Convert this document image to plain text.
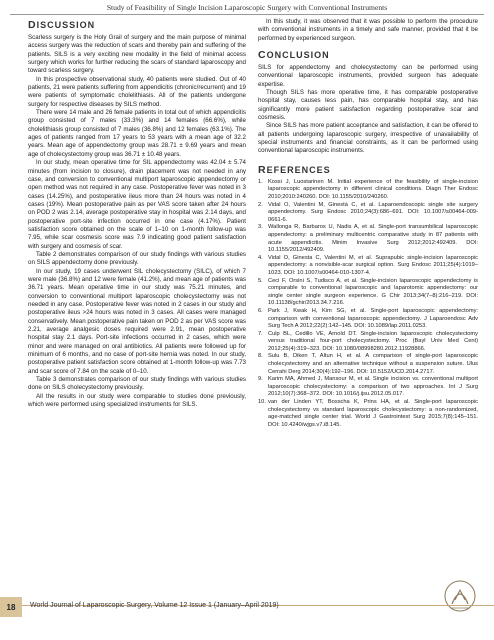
Study of Feasibility of Single Incision Laparoscopic Surgery with Conventional Instruments
DISCUSSION

Scarless surgery is the Holy Grail of surgery and the main purpose of minimal access surgery was the reduction of scars and thereby pain and suffering of the patients. SILS is a very exciting new modality in the field of minimal access surgery which works for further reducing the scars of standard laparoscopy and toward scarless surgery.

In this prospective observational study, 40 patients were studied. Out of 40 patients, 21 were patients suffering from appendicitis (chronic/recurrent) and 19 were patients of symptomatic cholelithiasis. All of the patients undergone surgery for respective diseases by SILS method.

There were 14 male and 26 female patients in total out of which appendicitis group consisted of 7 males (33.3%) and 14 females (66.6%), while cholelithiasis group consisted of 7 males (36.8%) and 12 females (63.1%). The ages of patients ranged from 17 years to 53 years with a mean age of 32.2 years. Mean age of appendectomy group was 28.71 ± 9.69 years and mean age of cholecystectomy group was 36.71 ± 10.48 years.

In our study, mean operative time for SIL appendectomy was 42.04 ± 5.74 minutes (from incision to closure), drain placement was not needed in any case, and conversion to conventional multiport laparoscopic appendectomy or open method was not required in any case. Postoperative fever was noted in 3 cases (14.25%), and postoperative ileus more than 24 hours was noted in 4 cases (19%). Mean postoperative pain as per VAS score taken after 24 hours on POD 2 was 2.14, average postoperative stay in hospital was 2.14 days, and postoperative port-site infection occurred in one case (4.17%). Patient satisfaction score obtained on the scale of 1–10 on 1-month follow-up was 7.95, while scar cosmesis score was 7.9 indicating good patient satisfaction with surgery and cosmesis of scar.

Table 2 demonstrates comparison of our study findings with various studies on SILS appendectomy done previously.

In our study, 19 cases underwent SIL cholecystectomy (SILC), of which 7 were male (36.8%) and 12 were female (41.2%), and mean age of patients was 36.71 years. Mean operative time in our study was 75.21 minutes, and conversion to conventional multiport laparoscopic cholecystectomy was not needed in any case. Postoperative fever was noted in 2 cases in our study and postoperative ileus >24 hours was noted in 3 cases. All cases were managed conservatively. Mean postoperative pain taken on POD 2 as per VAS score was 2.21, average analgesic doses required were 2.91, mean postoperative hospital stay 2.1 days. Port-site infections occurred in 2 cases, which were minor and were managed on oral antibiotics. All patients were followed up for minimum of 6 months, and no case of port-site hernia was noted. In our study, postoperative patient satisfaction score obtained at 1-month follow-up was 7.73 and scar score of 7.84 on the scale of 0–10.

Table 3 demonstrates comparison of our study findings with various studies done on SILS cholecystectomy previously.

All the results in our study were comparable to studies done previously, which were performed using specialized instruments for SILS.

In this study, it was observed that it was possible to perform the procedure with conventional instruments in a timely and safe manner, provided that it be performed by experienced surgeon.

CONCLUSION

SILS for appendectomy and cholecystectomy can be performed using conventional laparoscopic instruments, provided surgeon has adequate expertise.

Though SILS has more operative time, it has comparable postoperative hospital stay, causes less pain, has comparable hospital stay, and has significantly more patient satisfaction regarding postoperative scar and cosmesis.

Since SILS has more patient acceptance and satisfaction, it can be offered to all patients undergoing laparoscopic surgery, irrespective of unavailability of special instruments and financial constraints, as it can be performed using conventional laparoscopic instruments.

REFERENCES
1. Kossi J, Luostarinen M. Initial experience of the feasibility of single-incision laparoscopic appendectomy in different clinical conditions. Diagn Ther Endosc 2010;2010:240260. DOI: 10.1155/2010/240260.
2. Vidal O, Valentini M, Ginestà C, et al. Laparoendoscopic single site surgery appendectomy. Surg Endosc 2010;24(3):686–691. DOI: 10.1007/s00464-009-0661-6.
3. Wallonga R, Barbaros U, Nadis A, et al. Single-port transumbilical laparoscopic appendectomy: a preliminary multicentric comparative study in 87 patients with acute appendicitis. Minim Invasive Surg 2012;2012:492409. DOI: 10.1155/2012/492409.
4. Vidal O, Ginesta C, Valentini M, et al. Suprapubic single-incision laparoscopic appendectomy: a nonvisible-scar surgical option. Surg Endosc 2011;25(4):1019–1023. DOI: 10.1007/s00464-010-1307-4.
5. Ceci F, Orsini S, Tudisco A, et al. Single-incision laparoscopic appendectomy is comparable to conventional laparoscopic and laparotomic appendectomy: our single center single surgeon experience. G Chir 2013;34(7–8):216–219. DOI: 10.11138/gchir/2013.34.7.216.
6. Park J, Kwak H, Kim SG, et al. Single-port laparoscopic appendectomy: comparison with conventional laparoscopic appendectomy. J Laparoendosc Adv Surg Tech A 2012;22(2):142–145. DOI: 10.1089/lap.2011.0253.
7. Culp BL, Cedillo VE, Arnold DT. Single-incision laparoscopic cholecystectomy versus traditional four-port cholecystectomy. Proc (Bayl Univ Med Cent) 2012;25(4):319–323. DOI: 10.1080/08998280.2012.11928866.
8. Sulu B, Diken T, Altun H, et al. A comparison of single-port laparoscopic cholecystectomy and an alternative technique without a suspension suture. Ulus Cerrahi Derg 2014;30(4):192–196. DOI: 10.5152/UCD.2014.2717.
9. Karim MA, Ahmed J, Mansour M, et al. Single incision vs. conventional multiport laparoscopic cholecystectomy: a comparison of two approaches. Int J Surg 2012;10(7):368–372. DOI: 10.1016/j.ijsu.2012.05.017.
10. van der Linden YT, Bosscha K, Prins HA, et al. Single-port laparoscopic cholecystectomy vs standard laparoscopic cholecystectomy: a non-randomized, age-matched single center trial. World J Gastrointest Surg 2015;7(8):145–151. DOI: 10.4240/wjgs.v7.i8.145.
18	World Journal of Laparoscopic Surgery, Volume 12 Issue 1 (January–April 2019)
